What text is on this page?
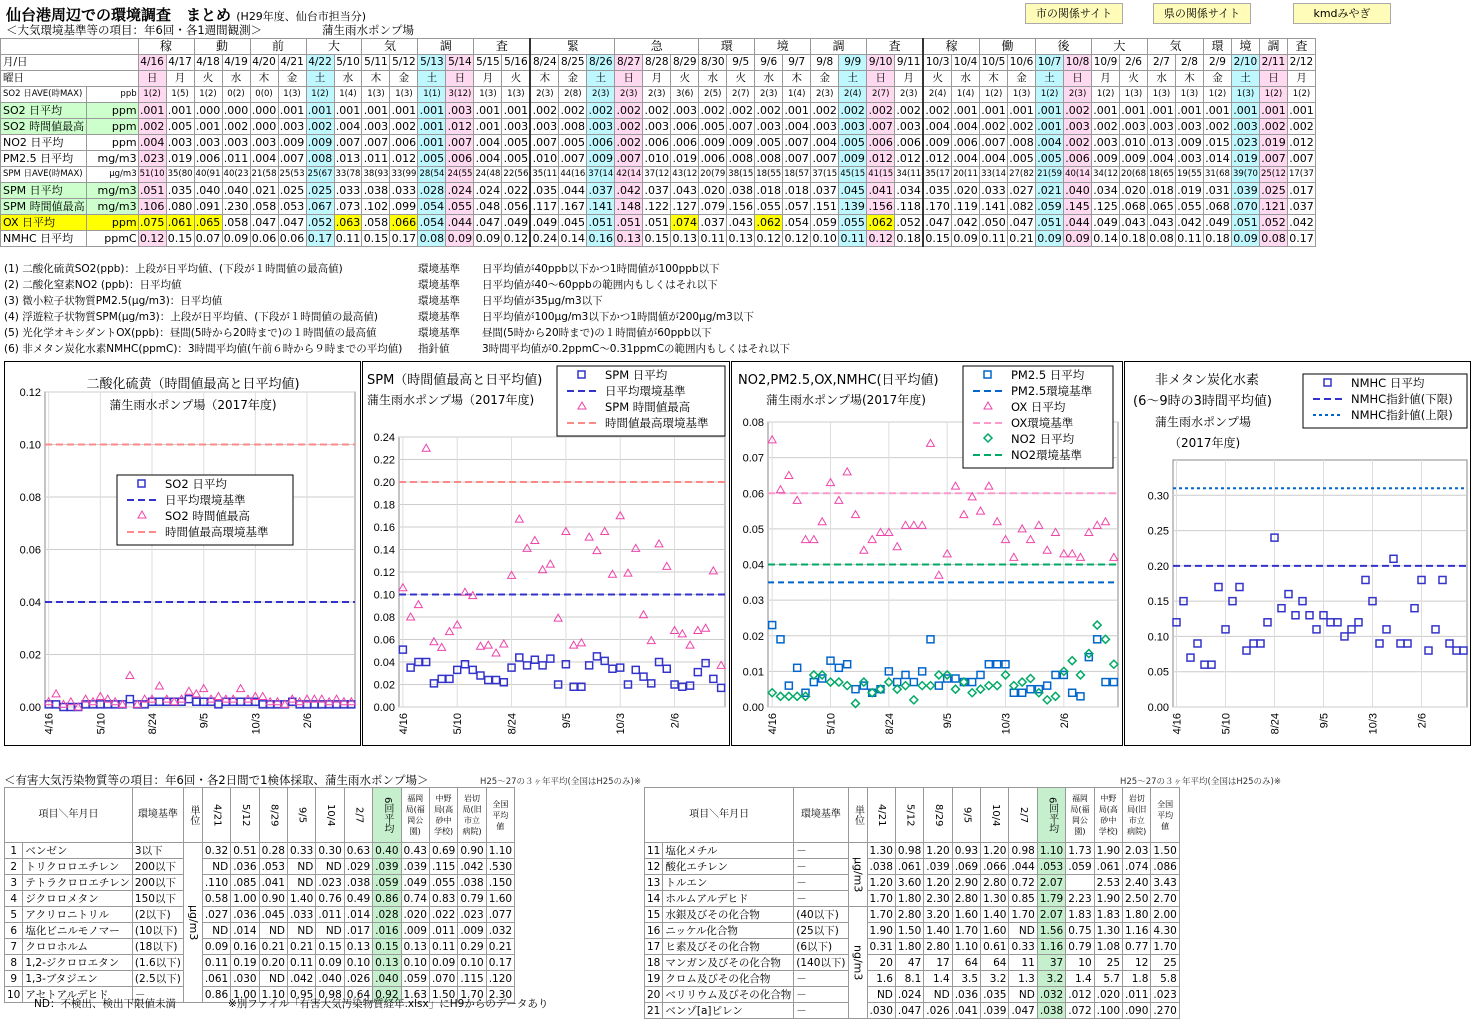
仙台港周辺での環境調査　まとめ (H29年度、仙台市担当分)
＜大気環境基準等の項目：年6回・各1週間観測＞	蒲生雨水ポンプ場
市の関係サイト	県の関係サイト	kmdみやぎ
		稼		動		前		大		気		調		査		緊			急			環		境		調		査		稼		働		後		大		気		環	境	調	査
月/日		4/16	4/17	4/18	4/19	4/20	4/21	4/22	5/10	5/11	5/12	5/13	5/14	5/15	5/16	8/24	8/25	8/26	8/27	8/28	8/29	8/30	9/5	9/6	9/7	9/8	9/9	9/10	9/11	10/3	10/4	10/5	10/6	10/7	10/8	10/9	2/6	2/7	2/8	2/9	2/10	2/11	2/12
曜日		日	月	火	水	木	金	土	水	木	金	土	日	月	火	木	金	土	日	月	火	水	火	水	木	金	土	日	月	火	水	木	金	土	日	月	火	水	木	金	土	日	月
SO2 日AVE(時MAX)	ppb	1(2)	1(5)	1(2)	0(2)	0(0)	1(3)	1(2)	1(4)	1(3)	1(3)	1(1)	3(12)	1(3)	1(3)	2(3)	2(8)	2(3)	2(3)	2(3)	3(6)	2(5)	2(7)	2(3)	1(4)	2(3)	2(4)	2(7)	2(3)	2(4)	1(4)	1(2)	1(3)	1(2)	2(3)	1(2)	1(3)	1(3)	1(3)	1(2)	1(3)	1(2)	1(2)
SO2 日平均	ppm	.001	.001	.000	.000	.000	.001	.001	.001	.001	.001	.001	.003	.001	.001	.002	.002	.002	.002	.002	.003	.002	.002	.002	.001	.002	.002	.002	.002	.002	.001	.001	.001	.001	.002	.001	.001	.001	.001	.001	.001	.001	.001
SO2 時間値最高	ppm	.002	.005	.001	.002	.000	.003	.002	.004	.003	.002	.001	.012	.001	.003	.003	.008	.003	.002	.003	.006	.005	.007	.003	.004	.003	.003	.007	.003	.004	.004	.002	.002	.001	.003	.002	.003	.003	.003	.002	.003	.002	.002
NO2 日平均	ppm	.004	.003	.003	.003	.003	.009	.009	.007	.007	.006	.001	.007	.004	.005	.007	.005	.006	.002	.006	.006	.009	.009	.005	.007	.004	.005	.006	.006	.009	.006	.007	.008	.004	.002	.003	.010	.013	.009	.015	.023	.019	.012
PM2.5 日平均	mg/m3	.023	.019	.006	.011	.004	.007	.008	.013	.011	.012	.005	.006	.004	.005	.010	.007	.009	.007	.010	.019	.006	.008	.008	.007	.007	.009	.012	.012	.012	.004	.004	.005	.005	.006	.009	.009	.004	.003	.014	.019	.007	.007
SPM 日AVE(時MAX)	μg/m3	51(10	35(80	40(91	40(23	21(58	25(53	25(67	33(78	38(93	33(99	28(54	24(55	24(48	22(56	35(11	44(16	37(14	42(14	37(12	43(12	20(79	38(15	18(55	18(57	37(15	45(15	41(15	34(11	35(17	20(11	33(14	27(82	21(59	40(14	34(12	20(68	18(65	19(55	31(68	39(70	25(12	17(37
SPM 日平均	mg/m3	.051	.035	.040	.040	.021	.025	.025	.033	.038	.033	.028	.024	.024	.022	.035	.044	.037	.042	.037	.043	.020	.038	.018	.018	.037	.045	.041	.034	.035	.020	.033	.027	.021	.040	.034	.020	.018	.019	.031	.039	.025	.017
SPM 時間値最高	mg/m3	.106	.080	.091	.230	.058	.053	.067	.073	.102	.099	.054	.055	.048	.056	.117	.167	.141	.148	.122	.127	.079	.156	.055	.057	.151	.139	.156	.118	.170	.119	.141	.082	.059	.145	.125	.068	.065	.055	.068	.070	.121	.037
OX 日平均	ppm	.075	.061	.065	.058	.047	.047	.052	.063	.058	.066	.054	.044	.047	.049	.049	.045	.051	.051	.051	.074	.037	.043	.062	.054	.059	.055	.062	.052	.047	.042	.050	.047	.051	.044	.049	.043	.043	.042	.049	.051	.052	.042
NMHC 日平均	ppmC	0.12	0.15	0.07	0.09	0.06	0.06	0.17	0.11	0.15	0.17	0.08	0.09	0.09	0.12	0.24	0.14	0.16	0.13	0.15	0.13	0.11	0.13	0.12	0.12	0.10	0.11	0.12	0.18	0.15	0.09	0.11	0.21	0.09	0.09	0.14	0.18	0.08	0.11	0.18	0.09	0.08	0.17
(1) 二酸化硫黄SO2(ppb)：上段が日平均値、(下段が１時間値の最高値)	環境基準 日平均値が40ppb以下かつ1時間値が100ppb以下
(2) 二酸化窒素NO2 (ppb)：日平均値	環境基準 日平均値が40～60ppbの範囲内もしくはそれ以下
(3) 微小粒子状物質PM2.5(μg/m3)：日平均値	環境基準 日平均値が35μg/m3以下
(4) 浮遊粒子状物質SPM(μg/m3)：上段が日平均値、(下段が１時間値の最高値)	環境基準 日平均値が100μg/m3以下かつ1時間値が200μg/m3以下
(5) 光化学オキシダントOX(ppb)：昼間(5時から20時まで)の１時間値の最高値	環境基準 昼間(5時から20時まで)の１時間値が60ppb以下
(6) 非メタン炭化水素NMHC(ppmC)：3時間平均値(午前６時から９時までの平均値) 指針値	3時間平均値が0.2ppmC～0.31ppmCの範囲内もしくはそれ以下
0.00
0.02
0.04
0.06
0.08
0.10
0.12
4/16	5/10	8/24	9/5	10/3	2/6
二酸化硫黄（時間値最高と日平均値)
蒲生雨水ポンプ場（2017年度)
SO2 日平均
日平均環境基準
SO2 時間値最高
時間値最高環境基準
0.00
0.02
0.04
0.06
0.08
0.10
0.12
0.14
0.16
0.18
0.20
0.22
0.24
4/16	5/10	8/24	9/5	10/3	2/6
SPM（時間値最高と日平均値)
蒲生雨水ポンプ場（2017年度)
SPM 日平均
日平均環境基準
SPM 時間値最高
時間値最高環境基準
0.00
0.01
0.02
0.03
0.04
0.05
0.06
0.07
0.08
4/16	5/10	8/24	9/5	10/3	2/6
NO2,PM2.5,OX,NMHC(日平均値)
蒲生雨水ポンプ場(2017年度)
PM2.5 日平均
PM2.5環境基準
OX 日平均
OX環境基準
NO2 日平均
NO2環境基準
0.00
0.05
0.10
0.15
0.20
0.25
0.30
4/16	5/10	8/24	9/5	10/3	2/6
非メタン炭化水素
(6～9時の3時間平均値)
蒲生雨水ポンプ場
（2017年度)
NMHC 日平均
NMHC指針値(下限)
NMHC指針値(上限)
＜有害大気汚染物質等の項目：年6回・各2日間で1検体採取、蒲生雨水ポンプ場＞	H25～27の３ヶ年平均(全国はH25のみ)※	H25～27の３ヶ年平均(全国はH25のみ)※
項目＼年月日		環境基準	単位	4/21	5/12	8/29	9/5	10/4	2/7	6回平均	福岡局(福岡公園)	中野局(高砂中学校)	岩切局(旧市立病院)	全国平均値
1	ベンゼン	3以下	μg/m3	0.32	0.51	0.28	0.33	0.30	0.63	0.40	0.43	0.69	0.90	1.10
2	トリクロロエチレン	200以下		ND	.036	.053	ND	ND	.029	.039	.039	.115	.042	.530
3	テトラクロロエチレン	200以下		.110	.085	.041	ND	.023	.038	.059	.049	.055	.038	.150
4	ジクロロメタン	150以下		0.58	1.00	0.90	1.40	0.76	0.49	0.86	0.74	0.83	0.79	1.60
5	アクリロニトリル	(2以下)		.027	.036	.045	.033	.011	.014	.028	.020	.022	.023	.077
6	塩化ビニルモノマー	(10以下)		ND	.014	ND	ND	ND	.017	.016	.009	.011	.009	.032
7	クロロホルム	(18以下)		0.09	0.16	0.21	0.21	0.15	0.13	0.15	0.13	0.11	0.29	0.21
8	1,2-ジクロロエタン	(1.6以下)		0.11	0.19	0.20	0.11	0.09	0.10	0.13	0.10	0.09	0.10	0.17
9	1,3-ブタジエン	(2.5以下)		.061	.030	ND	.042	.040	.026	.040	.059	.070	.115	.120
10	アセトアルデヒド	－		0.86	1.00	1.10	0.95	0.98	0.64	0.92	1.63	1.50	1.70	2.30
項目＼年月日		環境基準	単位	4/21	5/12	8/29	9/5	10/4	2/7	6回平均	福岡局(福岡公園)	中野局(高砂中学校)	岩切局(旧市立病院)	全国平均値
11	塩化メチル	－	μg/m3	1.30	0.98	1.20	0.93	1.20	0.98	1.10	1.73	1.90	2.03	1.50
12	酸化エチレン	－		.038	.061	.039	.069	.066	.044	.053	.059	.061	.074	.086
13	トルエン	－		1.20	3.60	1.20	2.90	2.80	0.72	2.07		2.53	2.40	3.43
14	ホルムアルデヒド	－		1.70	1.80	2.30	2.80	1.30	0.85	1.79	2.23	1.90	2.50	2.70
15	水銀及びその化合物	(40以下)	ng/m3	1.70	2.80	3.20	1.60	1.40	1.70	2.07	1.83	1.83	1.80	2.00
16	ニッケル化合物	(25以下)		1.90	1.50	1.40	1.70	1.60	ND	1.56	0.75	1.30	1.16	4.30
17	ヒ素及びその化合物	(6以下)		0.31	1.80	2.80	1.10	0.61	0.33	1.16	0.79	1.08	0.77	1.70
18	マンガン及びその化合物	(140以下)		20	47	17	64	64	11	37	10	25	12	25
19	クロム及びその化合物	－		1.6	8.1	1.4	3.5	3.2	1.3	3.2	1.4	5.7	1.8	5.8
20	ベリリウム及びその化合物	－		ND	.024	ND	.036	.035	ND	.032	.012	.020	.011	.023
21	ベンゾ[a]ピレン	－		.030	.047	.026	.041	.039	.047	.038	.072	.100	.090	.270
ND：不検出、検出下限値未満	※別ファイル「有害大気汚染物質経年.xlsx」にH9からのデータあり
